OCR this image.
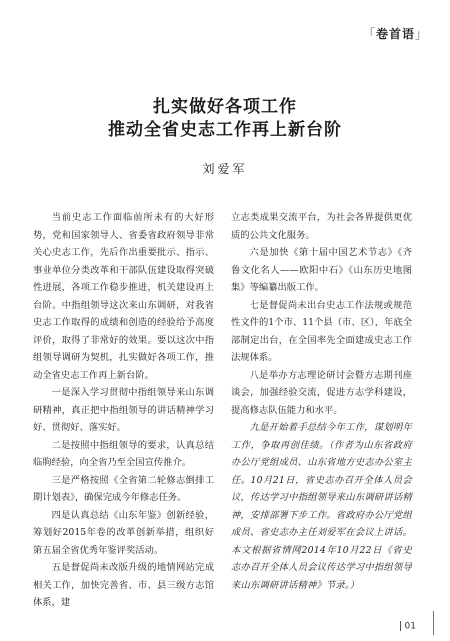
「卷首语」
扎实做好各项工作
推动全省史志工作再上新台阶
刘爱军

当前史志工作面临前所未有的大好形势，党和国家领导人、省委省政府领导非常关心史志工作，先后作出重要批示、指示、事业单位分类改革和干部队伍建设取得突破性进展，各项工作稳步推进，机关建设再上台阶。中指组领导这次来山东调研，对我省史志工作取得的成绩和创造的经验给予高度评价，取得了非常好的效果。要以这次中指组领导调研为契机，扎实做好各项工作，推动全省史志工作再上新台阶。

一是深入学习贯彻中指组领导来山东调研精神，真正把中指组领导的讲话精神学习好、贯彻好、落实好。

二是按照中指组领导的要求，认真总结临朐经验，向全省乃至全国宣传推介。

三是严格按照《全省第二轮修志倒排工期计划表》，确保完成今年修志任务。

四是认真总结《山东年鉴》创新经验，筹划好2015年卷的改革创新举措，组织好第五届全省优秀年鉴评奖活动。

五是督促尚未改版升级的地情网站完成相关工作，加快完善省、市、县三级方志馆体系，建

立志类成果交流平台，为社会各界提供更优质的公共文化服务。

六是加快《第十届中国艺术节志》《齐鲁文化名人——欧阳中石》《山东历史地图集》等编纂出版工作。

七是督促尚未出台史志工作法规或规范性文件的1个市、11个县（市、区），年底全部制定出台，在全国率先全面建成史志工作法规体系。

八是举办方志理论研讨会暨方志期刊座谈会，加强经验交流，促进方志学科建设，提高修志队伍能力和水平。

九是开始着手总结今年工作，谋划明年工作，争取再创佳绩。（作者为山东省政府办公厅党组成员、山东省地方史志办公室主任。10月21日，省史志办召开全体人员会议，传达学习中指组领导来山东调研讲话精神，安排部署下步工作。省政府办公厅党组成员、省史志办主任刘爱军在会议上讲话。本文根据省情网2014年10月22日《省史志办召开全体人员会议传达学习中指组领导来山东调研讲话精神》节录。）

01
